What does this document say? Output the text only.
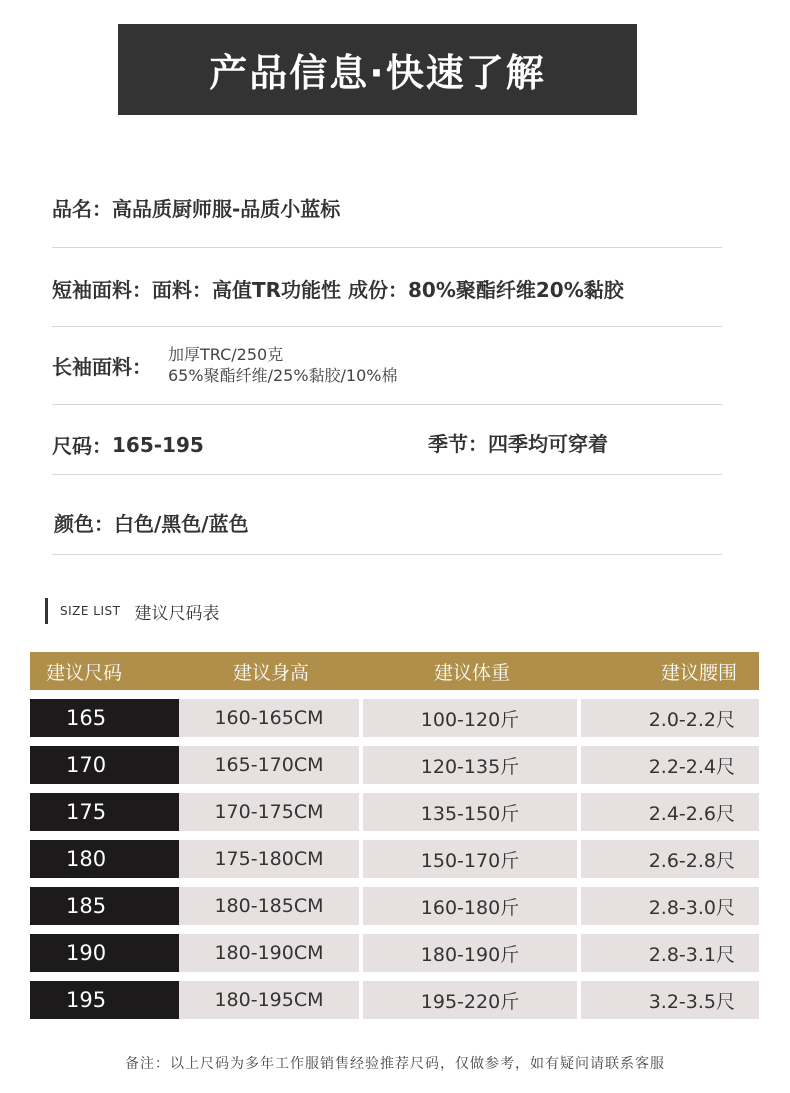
产品信息·快速了解
品名： 高品质厨师服-品质小蓝标
短袖面料： 面料：高值TR功能性 成份：80%聚酯纤维20%黏胶
长袖面料： 加厚TRC/250克
65%聚酯纤维/25%黏胶/10%棉
尺码： 165-195	季节： 四季均可穿着
颜色： 白色/黑色/蓝色
SIZE LIST 建议尺码表
建议尺码	建议身高	建议体重	建议腰围
165	160-165CM	100-120斤	2.0-2.2尺
170	165-170CM	120-135斤	2.2-2.4尺
175	170-175CM	135-150斤	2.4-2.6尺
180	175-180CM	150-170斤	2.6-2.8尺
185	180-185CM	160-180斤	2.8-3.0尺
190	180-190CM	180-190斤	2.8-3.1尺
195	180-195CM	195-220斤	3.2-3.5尺
备注：以上尺码为多年工作服销售经验推荐尺码，仅做参考，如有疑问请联系客服
